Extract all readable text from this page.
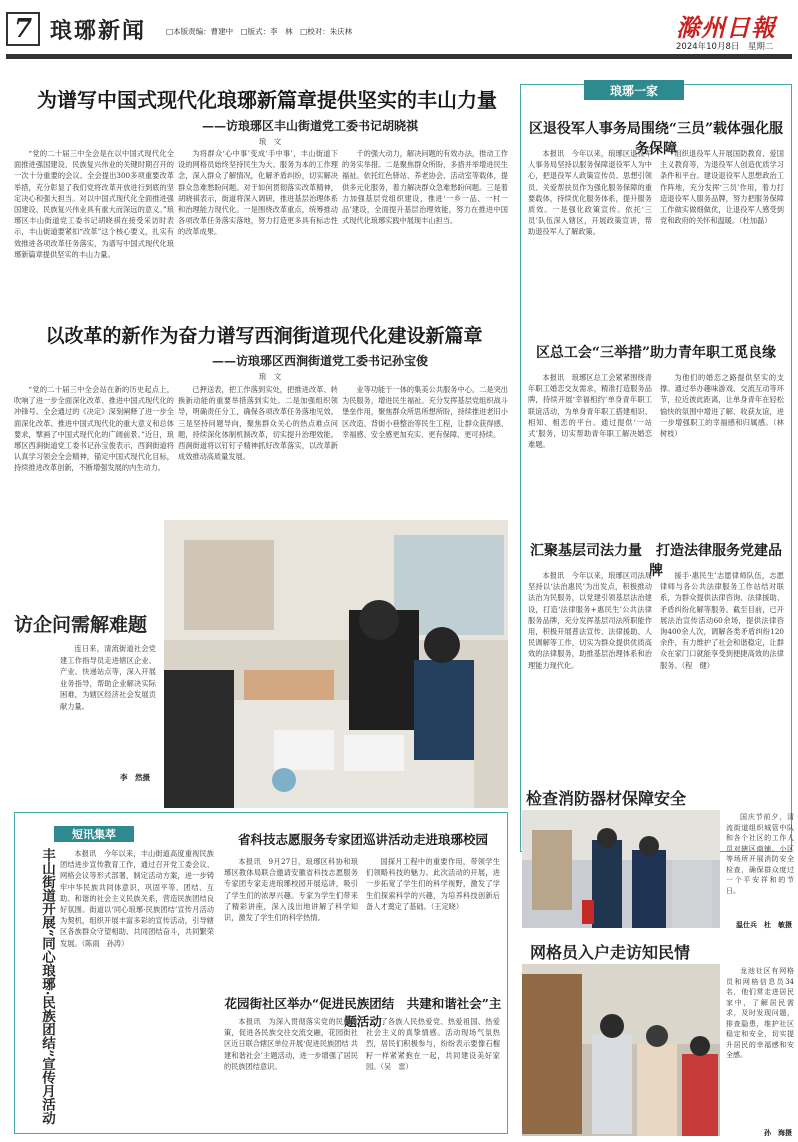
7 琅琊新闻	□本版责编：曹建中　□版式：李　林　□校对：朱庆林	滁州日報
2024年10月8日　星期二
为谱写中国式现代化琅琊新篇章提供坚实的丰山力量
——访琅琊区丰山街道党工委书记胡晓祺
琅　文
“党的二十届三中全会是在以中国式现代化全面推进强国建设、民族复兴伟业的关键时期召开的一次十分重要的会议。全会提出300多项重要改革举措，充分彰显了我们党将改革开放进行到底的坚定决心和强大担当。对以中国式现代化全面推进强国建设、民族复兴伟业具有重大而深远的意义。”琅琊区丰山街道党工委书记胡晓祺在接受采访时表示，丰山街道要紧扣“改革”这个核心要义，扎实有效推进各项改革任务落实，为谱写中国式现代化琅琊新篇章提供坚实的丰山力量。
为将群众‘心中事’变成‘手中事’，丰山街道下设的网格员始终坚持民生为大、服务为本的工作理念，深入群众了解情况，化解矛盾纠纷，切实解决群众急难愁盼问题。对于如何贯彻落实改革精神，胡晓祺表示，街道将深入调研，推进基层治理体系和治理能力现代化。一是围绕改革重点，统筹推动各项改革任务落实落地，努力打造更多具有标志性的改革成果。
千的强大动力，解决问题的有效办法，推动工作的务实举措。二是聚焦群众所盼，多措并举增进民生福祉。依托红色驿站、养老协会、活动室等载体，提供多元化服务，着力解决群众急难愁盼问题。三是着力加强基层党组织建设，推进‘一乡一品、一村一品’建设，全面提升基层治理效能，努力在推进中国式现代化琅琊实践中展现丰山担当。
以改革的新作为奋力谱写西涧街道现代化建设新篇章
——访琅琊区西涧街道党工委书记孙宝俊
琅　文
“党的二十届三中全会站在新的历史起点上，吹响了进一步全面深化改革、推进中国式现代化的冲锋号。全会通过的《决定》深刻阐释了进一步全面深化改革、推进中国式现代化的重大意义和总体要求，擘画了中国式现代化的广阔前景。”近日，琅琊区西涧街道党工委书记孙宝俊表示，西涧街道将认真学习领会全会精神，锚定中国式现代化目标，持续推进改革创新，不断增强发展的内生动力。
已押送表，把工作落到实处，把推进改革、转换新动能的重要举措落到实处。二是加强组织领导，明确责任分工，确保各项改革任务落地见效。三是坚持问题导向，聚焦群众关心的热点难点问题，持续深化体制机制改革，切实提升治理效能。西涧街道将以钉钉子精神抓好改革落实，以改革新成效推动高质量发展。
业等功能于一体的集美公共服务中心。二是突出为民服务，增进民生福祉。充分发挥基层党组织战斗堡垒作用，聚焦群众所思所想所盼，持续推进老旧小区改造、背街小巷整治等民生工程，让群众获得感、幸福感、安全感更加充实、更有保障、更可持续。
访企问需解难题
连日来，清流街道社会党建工作指导员走进辖区企业、产业、快递站点等，深入开展业务指导，帮助企业解决实际困难，为辖区经济社会发展贡献力量。
李　然摄
琅琊一家
区退役军人事务局围绕“三员”载体强化服务保障
本报讯　今年以来，琅琊区退役军人事务局坚持以服务保障退役军人为中心，把退役军人政策宣传员、思想引领员、关爱帮扶员作为强化服务保障的重要载体，持续优化服务体系，提升服务质效。一是强化政策宣传。依托‘三员’队伍深入辖区，开展政策宣讲，帮助退役军人了解政策。
组织退役军人开展国防教育、爱国主义教育等，为退役军人创造优质学习条件和平台。建设退役军人思想政治工作阵地，充分发挥‘三员’作用，着力打造退役军人服务品牌，努力把服务保障工作做实做细做优，让退役军人感受到党和政府的关怀和温暖。（杜加磊）
区总工会“三举措”助力青年职工觅良缘
本报讯　琅琊区总工会紧紧围绕青年职工婚恋交友需求，精准打造服务品牌，持续开展‘幸福相约’单身青年职工联谊活动，为单身青年职工搭建相识、相知、相恋的平台。通过提供‘一站式’服务，切实帮助青年职工解决婚恋难题。
为他们的婚恋之路提供坚实的支撑。通过举办趣味游戏、交流互动等环节，拉近彼此距离，让单身青年在轻松愉快的氛围中增进了解、收获友谊，进一步增强职工的幸福感和归属感。（林树枝）
汇聚基层司法力量　打造法律服务党建品牌
本报讯　今年以来，琅琊区司法局坚持以‘法治惠民’为出发点，积极推动法治为民服务，以党建引领基层法治建设，打造‘法律服务+惠民生’公共法律服务品牌，充分发挥基层司法所职能作用，积极开展普法宣传、法律援助、人民调解等工作，切实为群众提供优质高效的法律服务，助推基层治理体系和治理能力现代化。
援手·惠民生’志愿律师队伍，志愿律师与各公共法律服务工作站结对联系，为群众提供法律咨询、法律援助、矛盾纠纷化解等服务。截至目前，已开展法治宣传活动60余场，提供法律咨询400余人次，调解各类矛盾纠纷120余件，有力维护了社会和谐稳定，让群众在家门口就能享受到便捷高效的法律服务。（程　健）
短讯集萃
丰山街道开展“同心琅琊·民族团结”宣传月活动	本报讯　今年以来，丰山街道高度重视民族团结进步宣传教育工作，通过召开党工委会议、网格会议等形式部署，制定活动方案，进一步铸牢中华民族共同体意识，巩固平等、团结、互助、和谐的社会主义民族关系，营造民族团结良好氛围。街道以‘同心琅琊·民族团结’宣传月活动为契机，组织开展丰富多彩的宣传活动，引导辖区各族群众守望相助、共同团结奋斗，共同繁荣发展。（陈雨　孙涛）
省科技志愿服务专家团巡讲活动走进琅琊校园
本报讯　9月27日，琅琊区科协和琅琊区教体局联合邀请安徽省科技志愿服务专家团专家走进琅琊校园开展巡讲，吸引了学生们的浓厚兴趣。专家为学生们带来了精彩讲座，深入浅出地讲解了科学知识，激发了学生们的科学热情。
国探月工程中的重要作用，带领学生们领略科技的魅力。此次活动的开展，进一步拓宽了学生们的科学视野，激发了学生们探索科学的兴趣，为培养科技创新后备人才奠定了基础。（王定晓）
花园街社区举办“促进民族团结　共建和谐社会”主题活动
本报讯　为深入贯彻落实党的民族政策，促进各民族交往交流交融，花园街社区近日联合辖区单位开展‘促进民族团结 共建和谐社会’主题活动，进一步增强了居民的民族团结意识。
了各族人民热爱党、热爱祖国、热爱社会主义的真挚情感。活动现场气氛热烈，居民们积极参与，纷纷表示要像石榴籽一样紧紧抱在一起，共同建设美好家园。（吴　雷）
检查消防器材保障安全
国庆节前夕，清流街道组织城管中队和各个社区的工作人员对辖区商铺、小区等场所开展消防安全检查，确保群众度过一个平安祥和的节日。
温仕兵　杜　敏摄
网格员入户走访知民情
龙池社区有网格员和网格信息员34名，他们常走进居民家中，了解居民需求，及时发现问题，排查隐患，维护社区稳定和安全，切实提升居民的幸福感和安全感。
孙　海摄
